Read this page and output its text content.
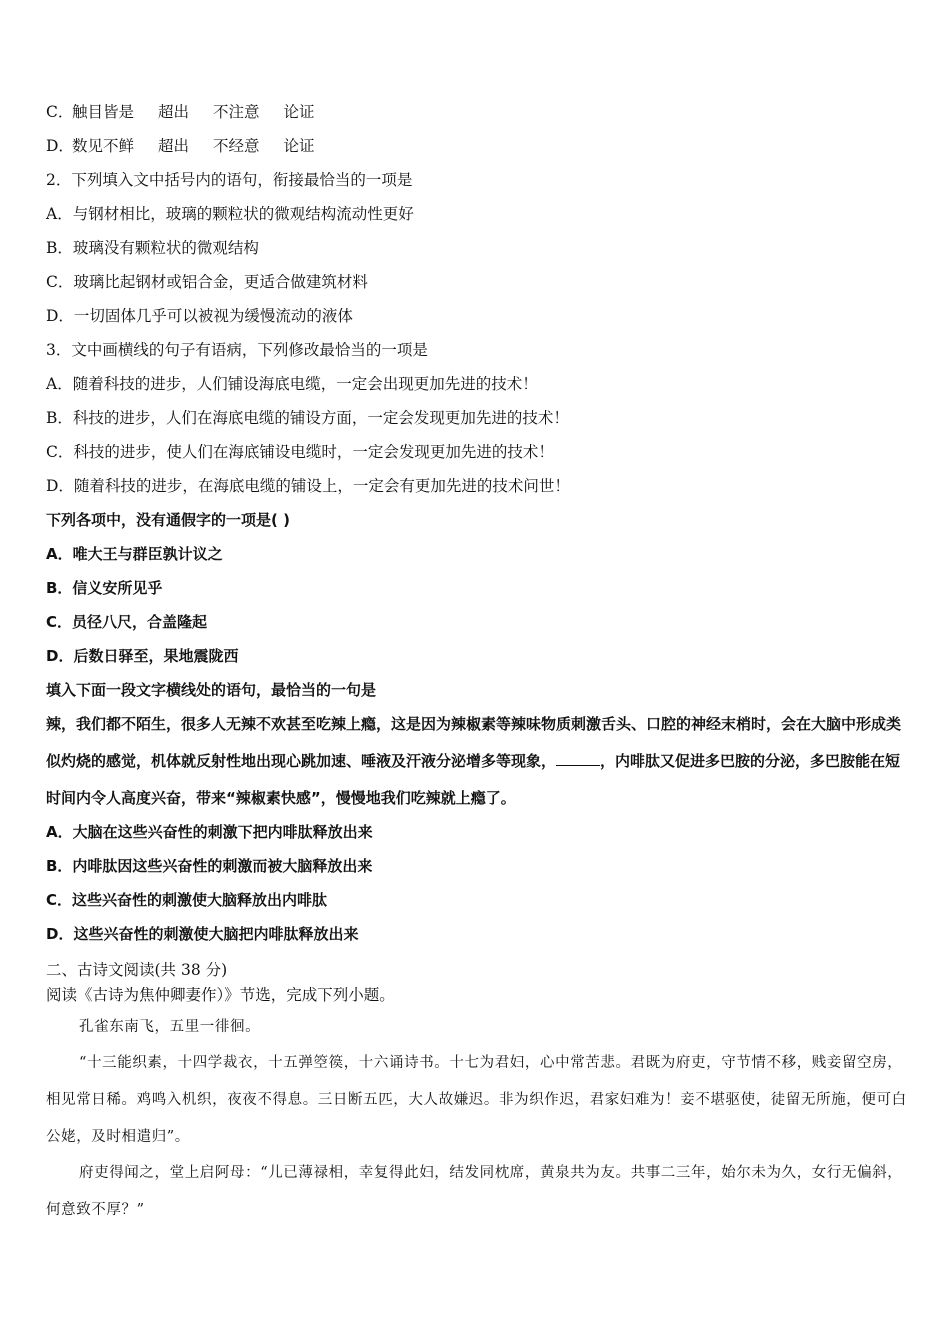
C．触目皆是 超出 不注意 论证
D．数见不鲜 超出 不经意 论证
2．下列填入文中括号内的语句，衔接最恰当的一项是
A．与钢材相比，玻璃的颗粒状的微观结构流动性更好
B．玻璃没有颗粒状的微观结构
C．玻璃比起钢材或铝合金，更适合做建筑材料
D．一切固体几乎可以被视为缓慢流动的液体
3．文中画横线的句子有语病，下列修改最恰当的一项是
A．随着科技的进步，人们铺设海底电缆，一定会出现更加先进的技术！
B．科技的进步，人们在海底电缆的铺设方面，一定会发现更加先进的技术！
C．科技的进步，使人们在海底铺设电缆时，一定会发现更加先进的技术！
D．随着科技的进步，在海底电缆的铺设上，一定会有更加先进的技术问世！
下列各项中，没有通假字的一项是( )
A．唯大王与群臣孰计议之
B．信义安所见乎
C．员径八尺，合盖隆起
D．后数日驿至，果地震陇西
填入下面一段文字横线处的语句，最恰当的一句是
辣，我们都不陌生，很多人无辣不欢甚至吃辣上瘾，这是因为辣椒素等辣味物质刺激舌头、口腔的神经末梢时，会在大脑中形成类似灼烧的感觉，机体就反射性地出现心跳加速、唾液及汗液分泌增多等现象，	，内啡肽又促进多巴胺的分泌，多巴胺能在短时间内令人高度兴奋，带来“辣椒素快感”，慢慢地我们吃辣就上瘾了。
A．大脑在这些兴奋性的刺激下把内啡肽释放出来
B．内啡肽因这些兴奋性的刺激而被大脑释放出来
C．这些兴奋性的刺激使大脑释放出内啡肽
D．这些兴奋性的刺激使大脑把内啡肽释放出来
二、古诗文阅读(共 38 分)
阅读《古诗为焦仲卿妻作）》节选，完成下列小题。
孔雀东南飞，五里一徘徊。
“十三能织素，十四学裁衣，十五弹箜篌，十六诵诗书。十七为君妇，心中常苦悲。君既为府吏，守节情不移，贱妾留空房，相见常日稀。鸡鸣入机织，夜夜不得息。三日断五匹，大人故嫌迟。非为织作迟，君家妇难为！妾不堪驱使，徒留无所施，便可白公姥，及时相遣归”。
府吏得闻之，堂上启阿母：“儿已薄禄相，幸复得此妇，结发同枕席，黄泉共为友。共事二三年，始尔未为久，女行无偏斜，何意致不厚？”
